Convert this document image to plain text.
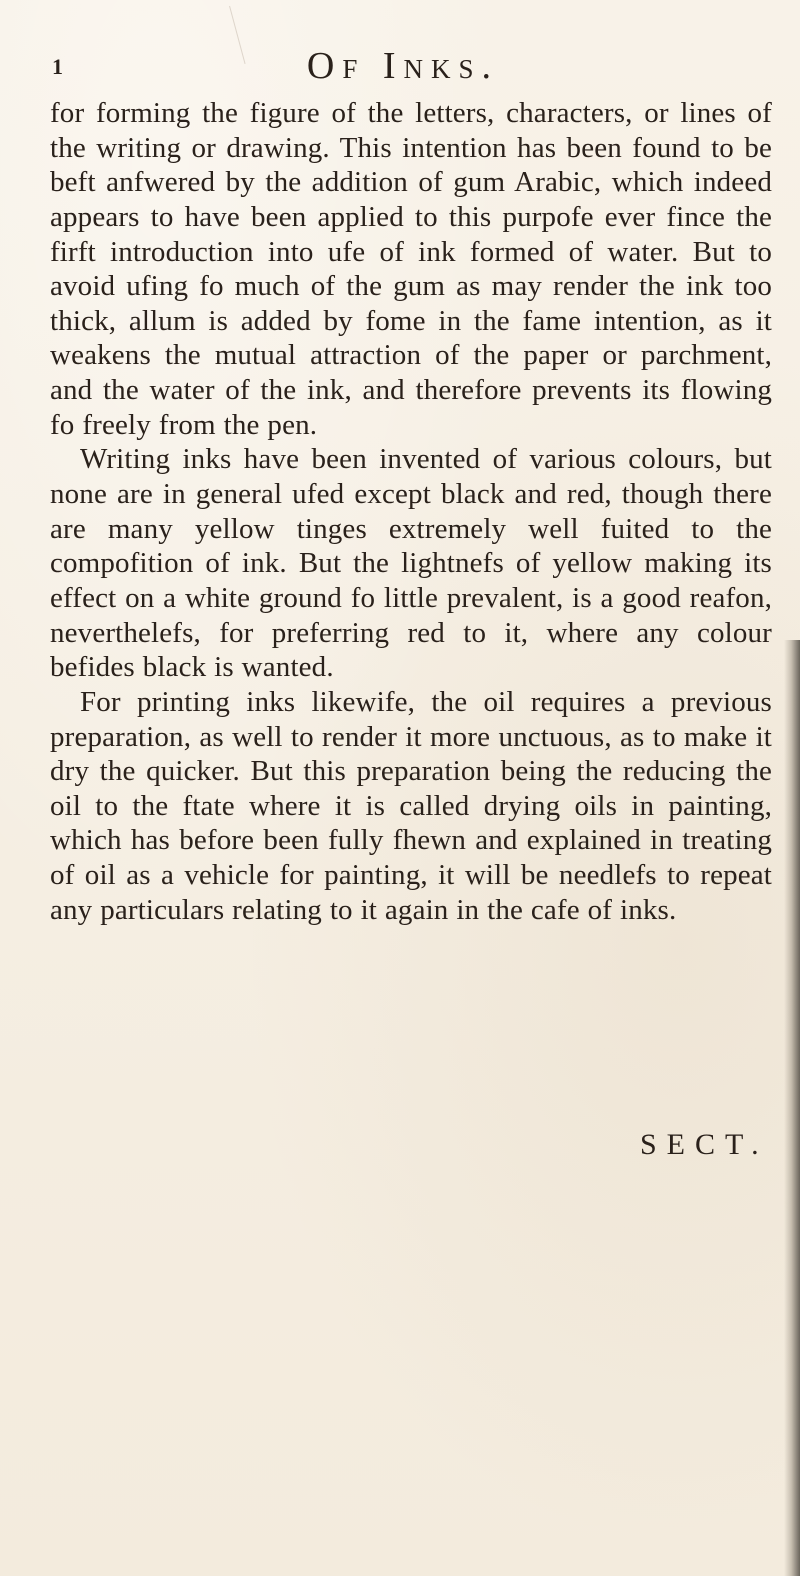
1	Of Inks.

for forming the figure of the letters, characters, or lines of the writing or drawing. This intention has been found to be beft anfwered by the addition of gum Arabic, which indeed appears to have been applied to this purpofe ever fince the firft introduction into ufe of ink formed of water. But to avoid ufing fo much of the gum as may render the ink too thick, allum is added by fome in the fame intention, as it weakens the mutual attraction of the paper or parchment, and the water of the ink, and therefore prevents its flowing fo freely from the pen.

Writing inks have been invented of various colours, but none are in general ufed except black and red, though there are many yellow tinges extremely well fuited to the compofition of ink. But the lightnefs of yellow making its effect on a white ground fo little prevalent, is a good reafon, neverthelefs, for preferring red to it, where any colour befides black is wanted.

For printing inks likewife, the oil requires a previous preparation, as well to render it more unctuous, as to make it dry the quicker. But this preparation being the reducing the oil to the ftate where it is called drying oils in painting, which has before been fully fhewn and explained in treating of oil as a vehicle for painting, it will be needlefs to repeat any particulars relating to it again in the cafe of inks.

SECT.
